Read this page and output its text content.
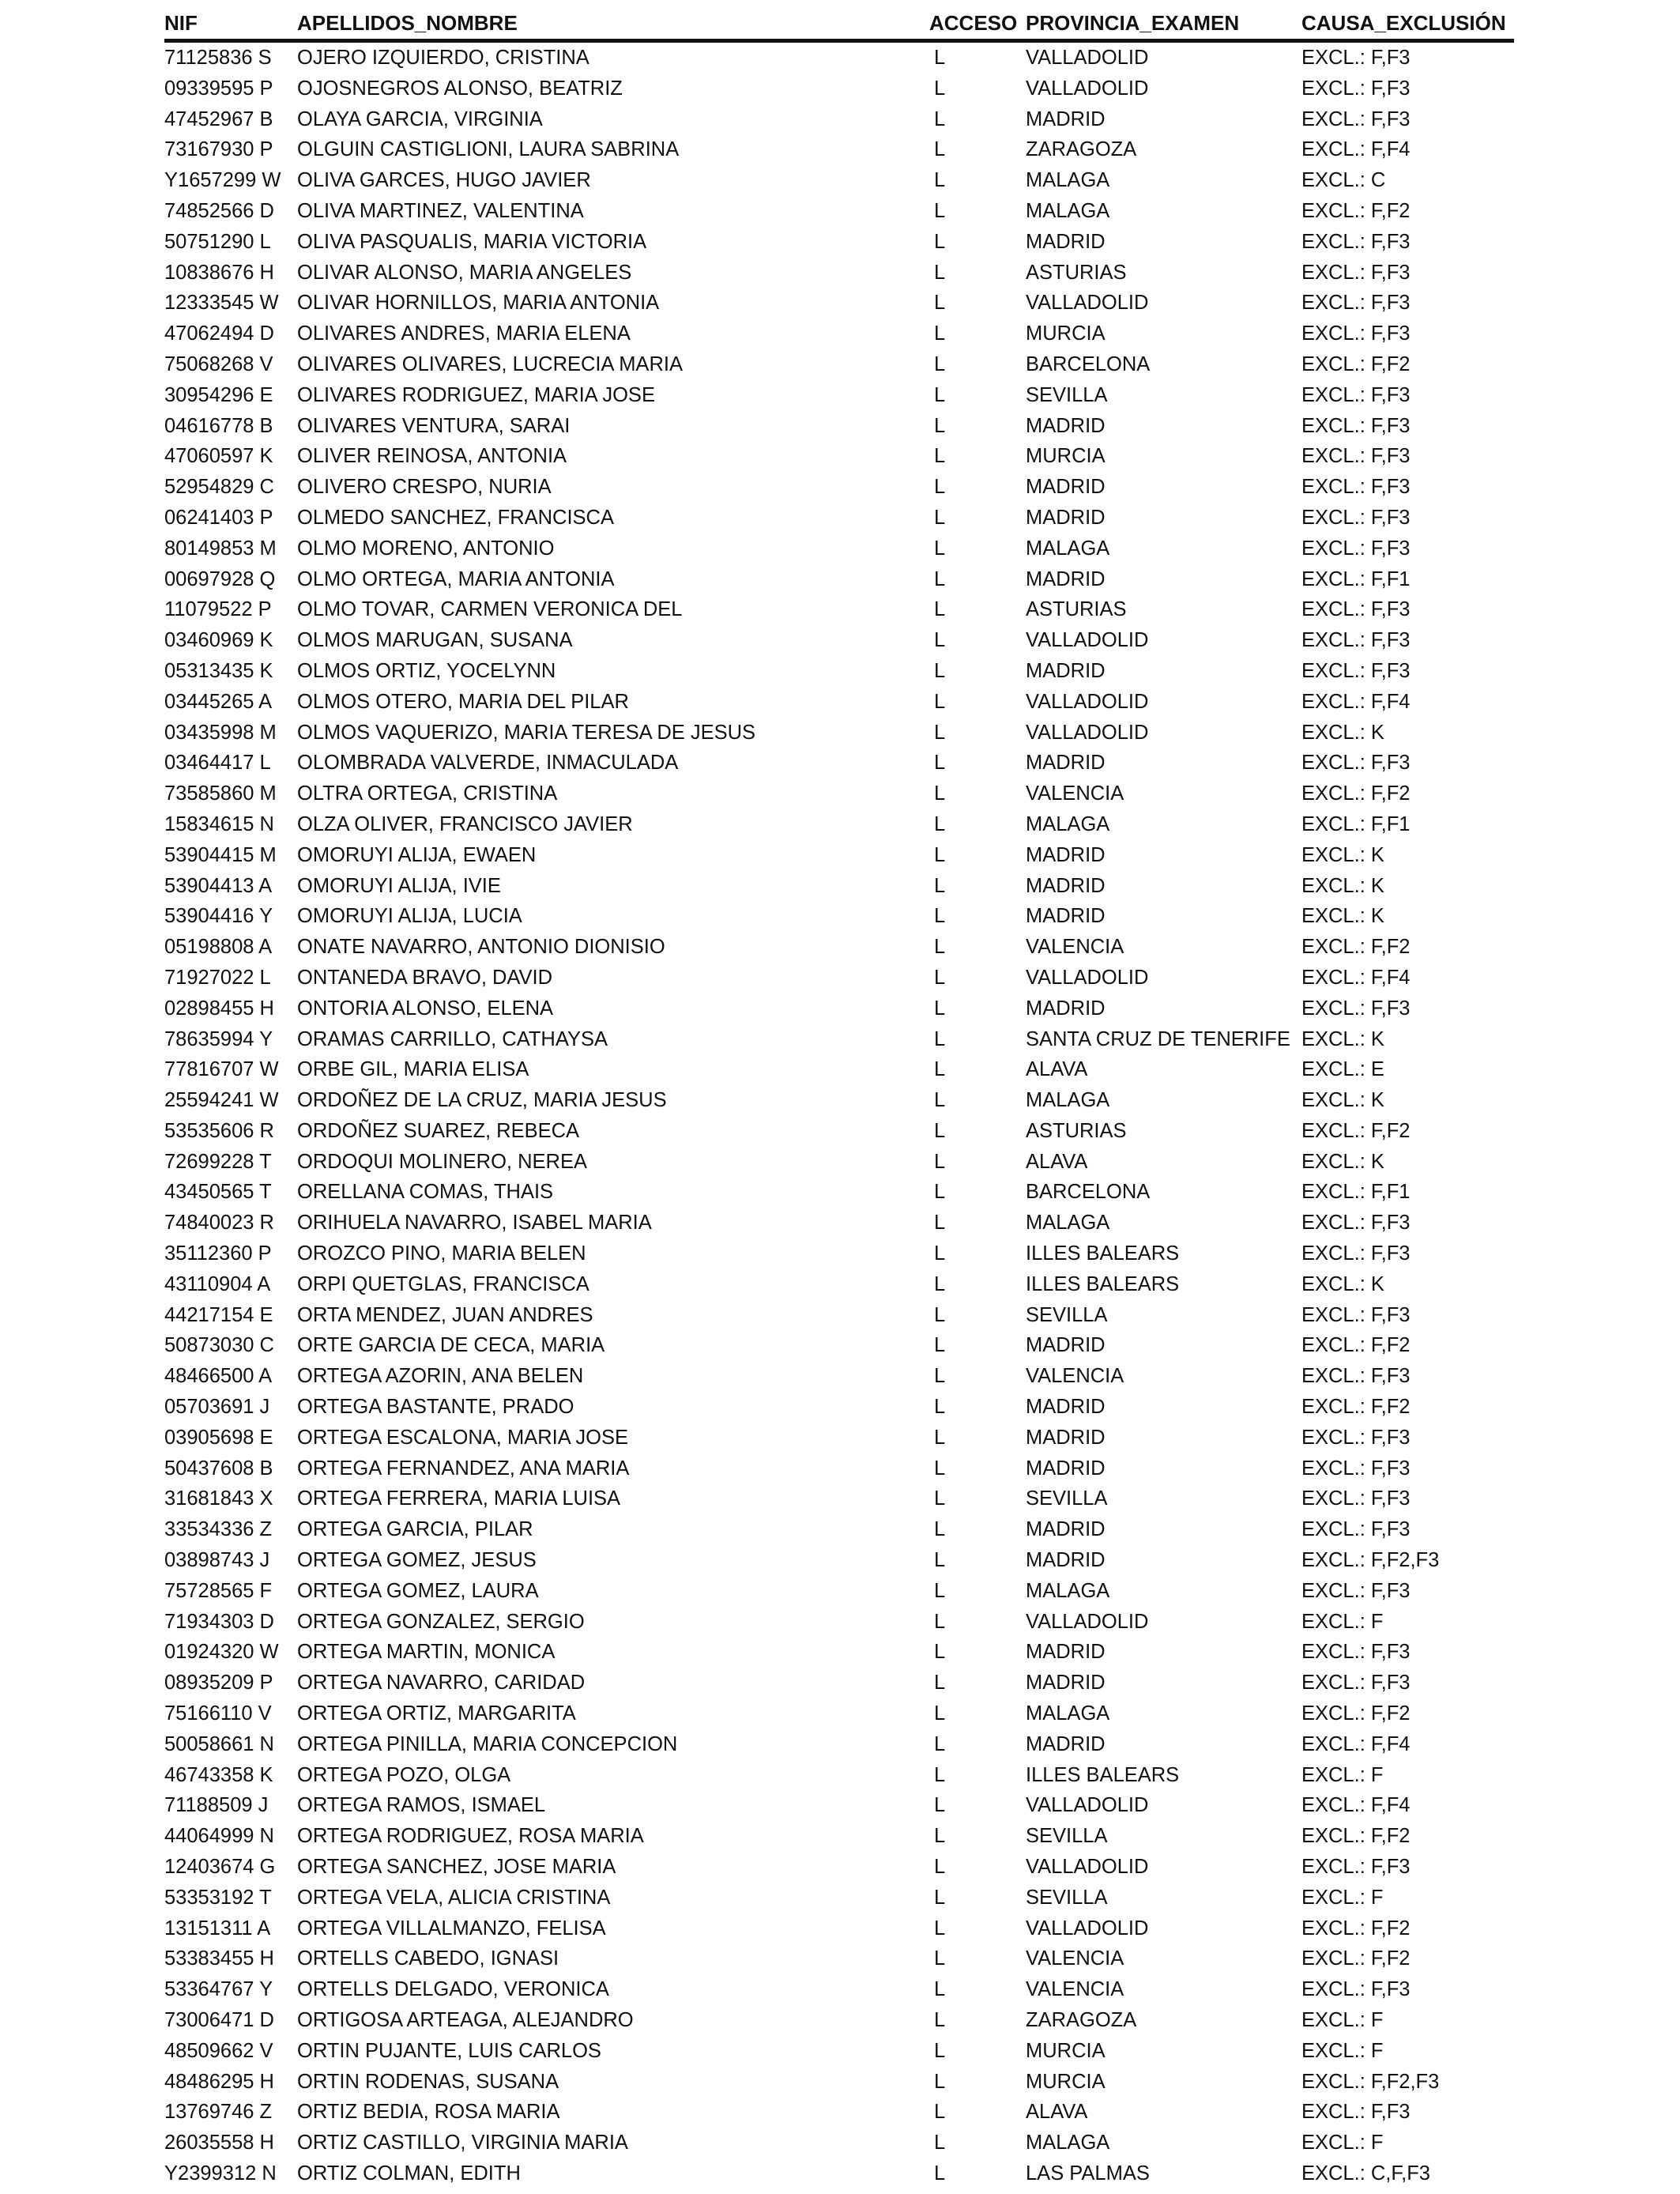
NIF	APELLIDOS_NOMBRE	ACCESO PROVINCIA_EXAMEN	CAUSA_EXCLUSIÓN
71125836 S OJERO IZQUIERDO, CRISTINA	L	VALLADOLID	EXCL.: F,F3
09339595 P OJOSNEGROS ALONSO, BEATRIZ	L	VALLADOLID	EXCL.: F,F3
47452967 B OLAYA GARCIA, VIRGINIA	L	MADRID	EXCL.: F,F3
73167930 P OLGUIN CASTIGLIONI, LAURA SABRINA	L	ZARAGOZA	EXCL.: F,F4
Y1657299 W OLIVA GARCES, HUGO JAVIER	L	MALAGA	EXCL.: C
74852566 D OLIVA MARTINEZ, VALENTINA	L	MALAGA	EXCL.: F,F2
50751290 L OLIVA PASQUALIS, MARIA VICTORIA	L	MADRID	EXCL.: F,F3
10838676 H OLIVAR ALONSO, MARIA ANGELES	L	ASTURIAS	EXCL.: F,F3
12333545 W OLIVAR HORNILLOS, MARIA ANTONIA	L	VALLADOLID	EXCL.: F,F3
47062494 D OLIVARES ANDRES, MARIA ELENA	L	MURCIA	EXCL.: F,F3
75068268 V OLIVARES OLIVARES, LUCRECIA MARIA	L	BARCELONA	EXCL.: F,F2
30954296 E OLIVARES RODRIGUEZ, MARIA JOSE	L	SEVILLA	EXCL.: F,F3
04616778 B OLIVARES VENTURA, SARAI	L	MADRID	EXCL.: F,F3
47060597 K OLIVER REINOSA, ANTONIA	L	MURCIA	EXCL.: F,F3
52954829 C OLIVERO CRESPO, NURIA	L	MADRID	EXCL.: F,F3
06241403 P OLMEDO SANCHEZ, FRANCISCA	L	MADRID	EXCL.: F,F3
80149853 M OLMO MORENO, ANTONIO	L	MALAGA	EXCL.: F,F3
00697928 Q OLMO ORTEGA, MARIA ANTONIA	L	MADRID	EXCL.: F,F1
11079522 P OLMO TOVAR, CARMEN VERONICA DEL	L	ASTURIAS	EXCL.: F,F3
03460969 K OLMOS MARUGAN, SUSANA	L	VALLADOLID	EXCL.: F,F3
05313435 K OLMOS ORTIZ, YOCELYNN	L	MADRID	EXCL.: F,F3
03445265 A OLMOS OTERO, MARIA DEL PILAR	L	VALLADOLID	EXCL.: F,F4
03435998 M OLMOS VAQUERIZO, MARIA TERESA DE JESUS	L	VALLADOLID	EXCL.: K
03464417 L OLOMBRADA VALVERDE, INMACULADA	L	MADRID	EXCL.: F,F3
73585860 M OLTRA ORTEGA, CRISTINA	L	VALENCIA	EXCL.: F,F2
15834615 N OLZA OLIVER, FRANCISCO JAVIER	L	MALAGA	EXCL.: F,F1
53904415 M OMORUYI ALIJA, EWAEN	L	MADRID	EXCL.: K
53904413 A OMORUYI ALIJA, IVIE	L	MADRID	EXCL.: K
53904416 Y OMORUYI ALIJA, LUCIA	L	MADRID	EXCL.: K
05198808 A ONATE NAVARRO, ANTONIO DIONISIO	L	VALENCIA	EXCL.: F,F2
71927022 L ONTANEDA BRAVO, DAVID	L	VALLADOLID	EXCL.: F,F4
02898455 H ONTORIA ALONSO, ELENA	L	MADRID	EXCL.: F,F3
78635994 Y ORAMAS CARRILLO, CATHAYSA	L	SANTA CRUZ DE TENERIFE EXCL.: K
77816707 W ORBE GIL, MARIA ELISA	L	ALAVA	EXCL.: E
25594241 W ORDOÑEZ DE LA CRUZ, MARIA JESUS	L	MALAGA	EXCL.: K
53535606 R ORDOÑEZ SUAREZ, REBECA	L	ASTURIAS	EXCL.: F,F2
72699228 T ORDOQUI MOLINERO, NEREA	L	ALAVA	EXCL.: K
43450565 T ORELLANA COMAS, THAIS	L	BARCELONA	EXCL.: F,F1
74840023 R ORIHUELA NAVARRO, ISABEL MARIA	L	MALAGA	EXCL.: F,F3
35112360 P OROZCO PINO, MARIA BELEN	L	ILLES BALEARS	EXCL.: F,F3
43110904 A ORPI QUETGLAS, FRANCISCA	L	ILLES BALEARS	EXCL.: K
44217154 E ORTA MENDEZ, JUAN ANDRES	L	SEVILLA	EXCL.: F,F3
50873030 C ORTE GARCIA DE CECA, MARIA	L	MADRID	EXCL.: F,F2
48466500 A ORTEGA AZORIN, ANA BELEN	L	VALENCIA	EXCL.: F,F3
05703691 J ORTEGA BASTANTE, PRADO	L	MADRID	EXCL.: F,F2
03905698 E ORTEGA ESCALONA, MARIA JOSE	L	MADRID	EXCL.: F,F3
50437608 B ORTEGA FERNANDEZ, ANA MARIA	L	MADRID	EXCL.: F,F3
31681843 X ORTEGA FERRERA, MARIA LUISA	L	SEVILLA	EXCL.: F,F3
33534336 Z ORTEGA GARCIA, PILAR	L	MADRID	EXCL.: F,F3
03898743 J ORTEGA GOMEZ, JESUS	L	MADRID	EXCL.: F,F2,F3
75728565 F ORTEGA GOMEZ, LAURA	L	MALAGA	EXCL.: F,F3
71934303 D ORTEGA GONZALEZ, SERGIO	L	VALLADOLID	EXCL.: F
01924320 W ORTEGA MARTIN, MONICA	L	MADRID	EXCL.: F,F3
08935209 P ORTEGA NAVARRO, CARIDAD	L	MADRID	EXCL.: F,F3
75166110 V ORTEGA ORTIZ, MARGARITA	L	MALAGA	EXCL.: F,F2
50058661 N ORTEGA PINILLA, MARIA CONCEPCION	L	MADRID	EXCL.: F,F4
46743358 K ORTEGA POZO, OLGA	L	ILLES BALEARS	EXCL.: F
71188509 J ORTEGA RAMOS, ISMAEL	L	VALLADOLID	EXCL.: F,F4
44064999 N ORTEGA RODRIGUEZ, ROSA MARIA	L	SEVILLA	EXCL.: F,F2
12403674 G ORTEGA SANCHEZ, JOSE MARIA	L	VALLADOLID	EXCL.: F,F3
53353192 T ORTEGA VELA, ALICIA CRISTINA	L	SEVILLA	EXCL.: F
13151311 A ORTEGA VILLALMANZO, FELISA	L	VALLADOLID	EXCL.: F,F2
53383455 H ORTELLS CABEDO, IGNASI	L	VALENCIA	EXCL.: F,F2
53364767 Y ORTELLS DELGADO, VERONICA	L	VALENCIA	EXCL.: F,F3
73006471 D ORTIGOSA ARTEAGA, ALEJANDRO	L	ZARAGOZA	EXCL.: F
48509662 V ORTIN PUJANTE, LUIS CARLOS	L	MURCIA	EXCL.: F
48486295 H ORTIN RODENAS, SUSANA	L	MURCIA	EXCL.: F,F2,F3
13769746 Z ORTIZ BEDIA, ROSA MARIA	L	ALAVA	EXCL.: F,F3
26035558 H ORTIZ CASTILLO, VIRGINIA MARIA	L	MALAGA	EXCL.: F
Y2399312 N ORTIZ COLMAN, EDITH	L	LAS PALMAS	EXCL.: C,F,F3
